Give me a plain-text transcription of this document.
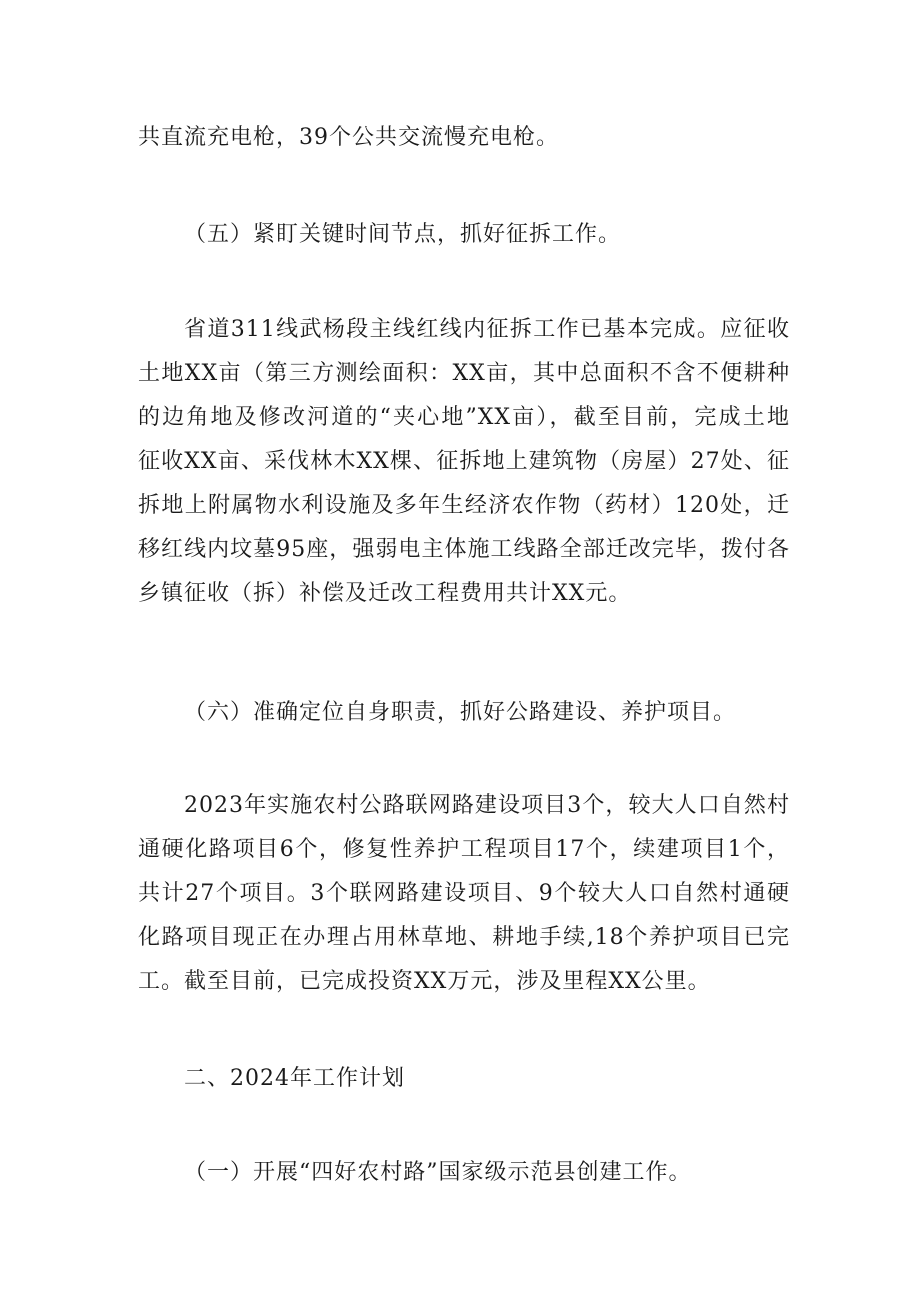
共直流充电枪，39个公共交流慢充电枪。
（五）紧盯关键时间节点，抓好征拆工作。
省道311线武杨段主线红线内征拆工作已基本完成。应征收
土地XX亩（第三方测绘面积：XX亩，其中总面积不含不便耕种
的边角地及修改河道的“夹心地”XX亩），截至目前，完成土地
征收XX亩、采伐林木XX棵、征拆地上建筑物（房屋）27处、征
拆地上附属物水利设施及多年生经济农作物（药材）120处，迁
移红线内坟墓95座，强弱电主体施工线路全部迁改完毕，拨付各
乡镇征收（拆）补偿及迁改工程费用共计XX元。
（六）准确定位自身职责，抓好公路建设、养护项目。
2023年实施农村公路联网路建设项目3个，较大人口自然村
通硬化路项目6个，修复性养护工程项目17个，续建项目1个，
共计27个项目。3个联网路建设项目、9个较大人口自然村通硬
化路项目现正在办理占用林草地、耕地手续,18个养护项目已完
工。截至目前，已完成投资XX万元，涉及里程XX公里。
二、2024年工作计划
（一）开展“四好农村路”国家级示范县创建工作。
